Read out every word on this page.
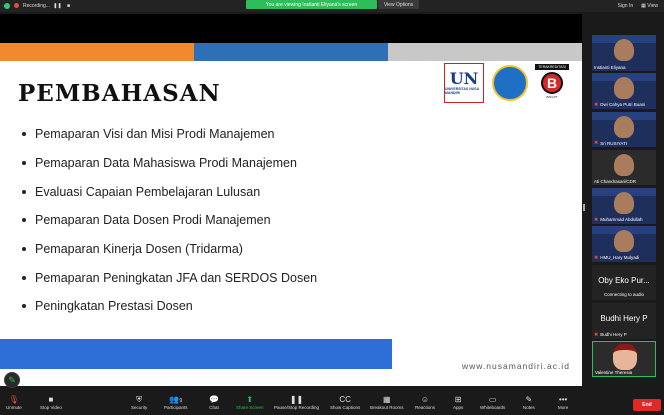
Recording... ❚❚	■	You are viewing Instianti Eliyana's screen	View Options	Sign In ▦ View
UN
UNIVERSITAS NUSA MANDIRI
TERAKREDITASI
B
BAN-PT
PEMBAHASAN
Pemaparan Visi dan Misi Prodi Manajemen
Pemaparan Data Mahasiswa Prodi Manajemen
Evaluasi Capaian Pembelajaran Lulusan
Pemaparan Data Dosen Prodi Manajemen
Pemaparan Kinerja Dosen (Tridarma)
Pemaparan Peningkatan JFA dan SERDOS Dosen
Peningkatan Prestasi Dosen
www.nusamandiri.ac.id
✎
Instianti Eliyana
✖ Dwi Cahya Putri Buani
✖ Sri RUSIYATI
Ati Chandrasari/CDR
✖ Muhammad Abdullah
✖ HMU_Hary Mulyadi
Oby Eko Pur...
Connecting to audio
Budhi Hery P
✖ Budhi Hery P
Valentine Theresia
🎙
Unmute
■
Stop Video
⛨
Security
👥9
Participants
💬
Chat
⬆
Share Screen
❚❚
Pause/Stop Recording
CC
Show Captions
▦
Breakout Rooms
☺
Reactions
⊞
Apps
▭
Whiteboards
✎
Notes
•••
More	End
